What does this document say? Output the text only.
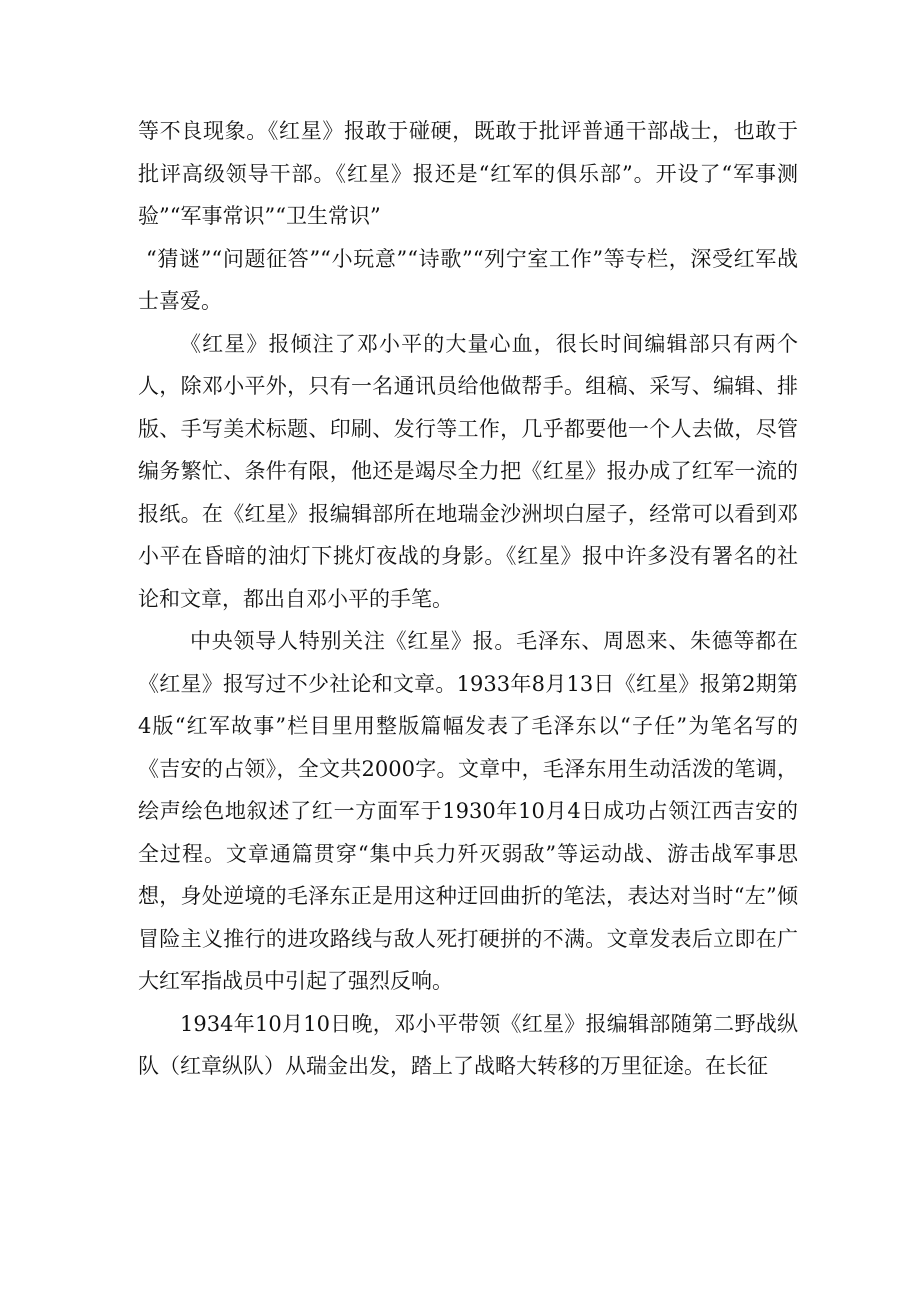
等不良现象。《红星》报敢于碰硬，既敢于批评普通干部战士，也敢于批评高级领导干部。《红星》报还是“红军的俱乐部”。开设了“军事测验”“军事常识”“卫生常识”

“猜谜”“问题征答”“小玩意”“诗歌”“列宁室工作”等专栏，深受红军战士喜爱。

《红星》报倾注了邓小平的大量心血，很长时间编辑部只有两个人，除邓小平外，只有一名通讯员给他做帮手。组稿、采写、编辑、排版、手写美术标题、印刷、发行等工作，几乎都要他一个人去做，尽管编务繁忙、条件有限，他还是竭尽全力把《红星》报办成了红军一流的报纸。在《红星》报编辑部所在地瑞金沙洲坝白屋子，经常可以看到邓小平在昏暗的油灯下挑灯夜战的身影。《红星》报中许多没有署名的社论和文章，都出自邓小平的手笔。

中央领导人特别关注《红星》报。毛泽东、周恩来、朱德等都在《红星》报写过不少社论和文章。1933年8月13日《红星》报第2期第4版“红军故事”栏目里用整版篇幅发表了毛泽东以“子任”为笔名写的《吉安的占领》，全文共2000字。文章中，毛泽东用生动活泼的笔调，绘声绘色地叙述了红一方面军于1930年10月4日成功占领江西吉安的全过程。文章通篇贯穿“集中兵力歼灭弱敌”等运动战、游击战军事思想，身处逆境的毛泽东正是用这种迂回曲折的笔法，表达对当时“左”倾冒险主义推行的进攻路线与敌人死打硬拼的不满。文章发表后立即在广大红军指战员中引起了强烈反响。

1934年10月10日晚，邓小平带领《红星》报编辑部随第二野战纵队（红章纵队）从瑞金出发，踏上了战略大转移的万里征途。在长征
